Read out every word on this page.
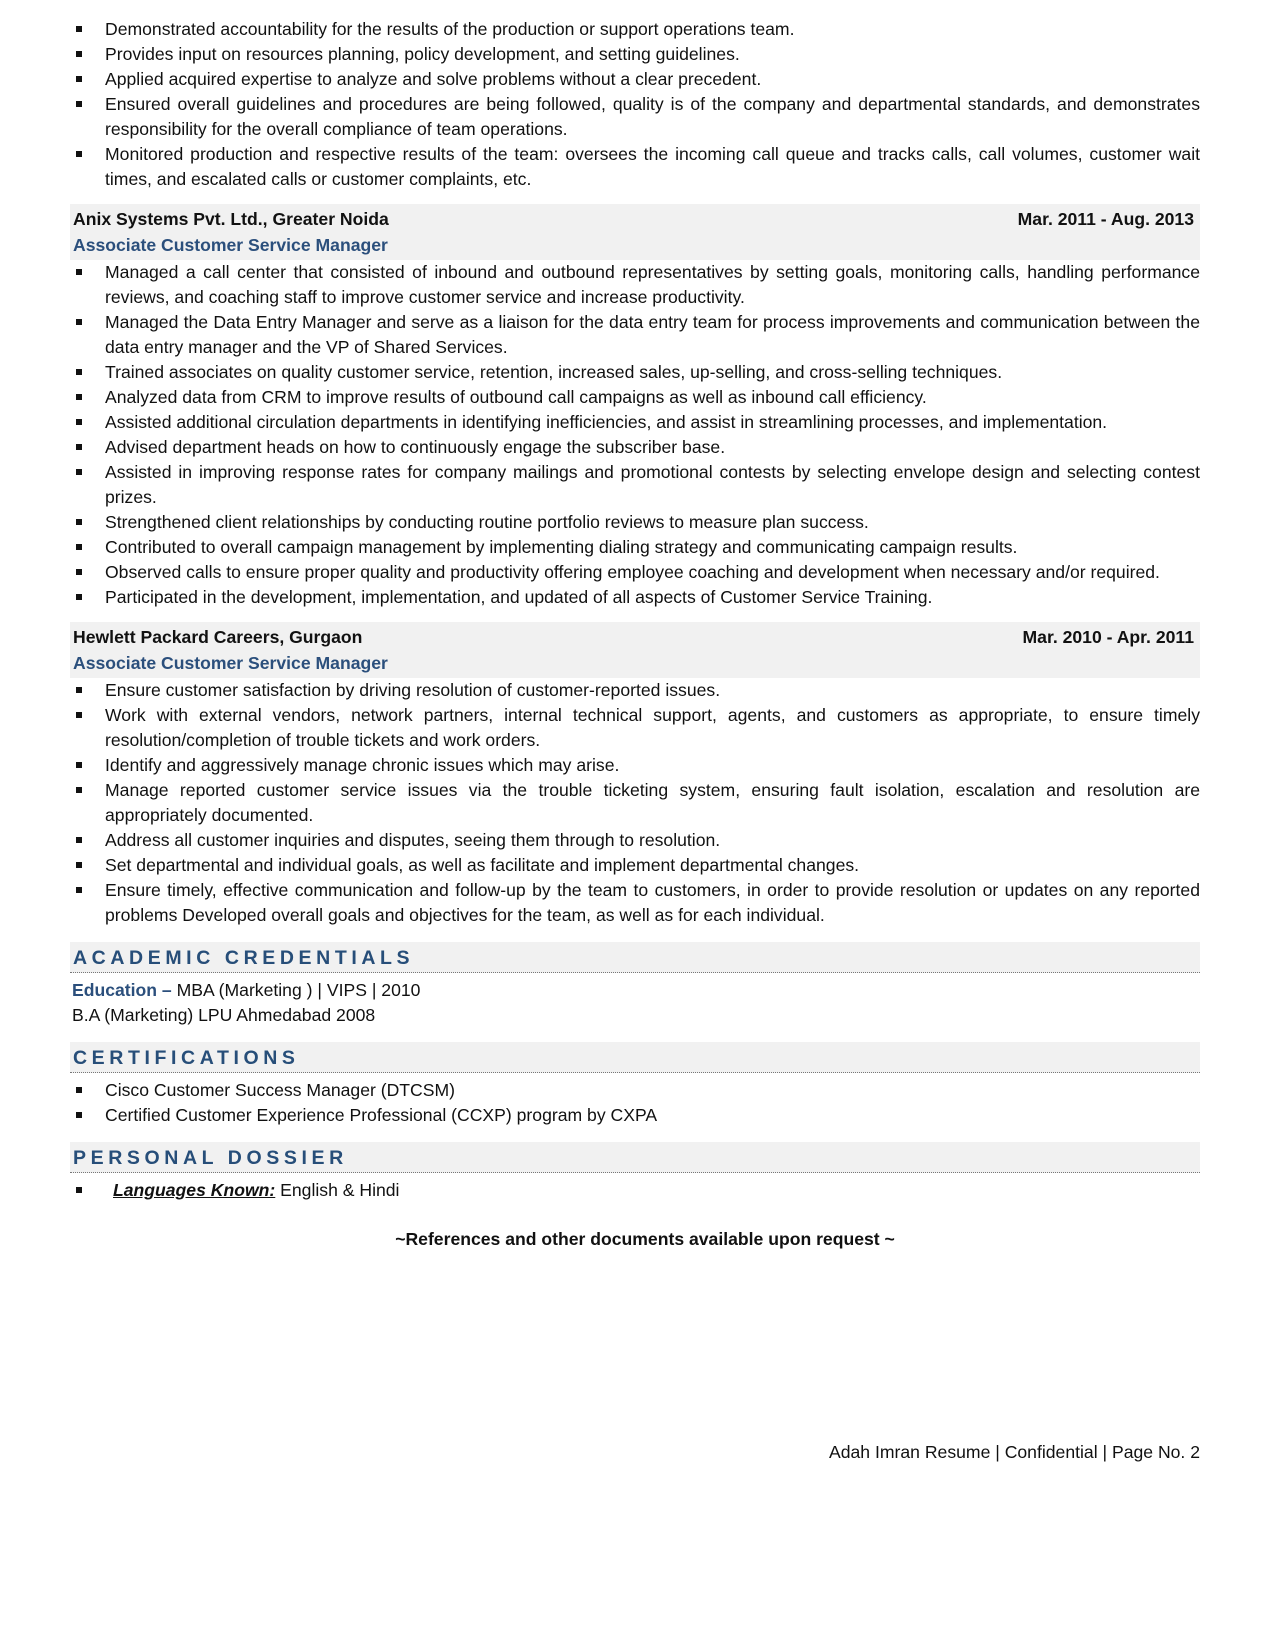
Demonstrated accountability for the results of the production or support operations team.
Provides input on resources planning, policy development, and setting guidelines.
Applied acquired expertise to analyze and solve problems without a clear precedent.
Ensured overall guidelines and procedures are being followed, quality is of the company and departmental standards, and demonstrates responsibility for the overall compliance of team operations.
Monitored production and respective results of the team: oversees the incoming call queue and tracks calls, call volumes, customer wait times, and escalated calls or customer complaints, etc.
Anix Systems Pvt. Ltd., Greater Noida	Mar. 2011 - Aug. 2013
Associate Customer Service Manager
Managed a call center that consisted of inbound and outbound representatives by setting goals, monitoring calls, handling performance reviews, and coaching staff to improve customer service and increase productivity.
Managed the Data Entry Manager and serve as a liaison for the data entry team for process improvements and communication between the data entry manager and the VP of Shared Services.
Trained associates on quality customer service, retention, increased sales, up-selling, and cross-selling techniques.
Analyzed data from CRM to improve results of outbound call campaigns as well as inbound call efficiency.
Assisted additional circulation departments in identifying inefficiencies, and assist in streamlining processes, and implementation.
Advised department heads on how to continuously engage the subscriber base.
Assisted in improving response rates for company mailings and promotional contests by selecting envelope design and selecting contest prizes.
Strengthened client relationships by conducting routine portfolio reviews to measure plan success.
Contributed to overall campaign management by implementing dialing strategy and communicating campaign results.
Observed calls to ensure proper quality and productivity offering employee coaching and development when necessary and/or required.
Participated in the development, implementation, and updated of all aspects of Customer Service Training.
Hewlett Packard Careers, Gurgaon	Mar. 2010 - Apr. 2011
Associate Customer Service Manager
Ensure customer satisfaction by driving resolution of customer-reported issues.
Work with external vendors, network partners, internal technical support, agents, and customers as appropriate, to ensure timely resolution/completion of trouble tickets and work orders.
Identify and aggressively manage chronic issues which may arise.
Manage reported customer service issues via the trouble ticketing system, ensuring fault isolation, escalation and resolution are appropriately documented.
Address all customer inquiries and disputes, seeing them through to resolution.
Set departmental and individual goals, as well as facilitate and implement departmental changes.
Ensure timely, effective communication and follow-up by the team to customers, in order to provide resolution or updates on any reported problems Developed overall goals and objectives for the team, as well as for each individual.
ACADEMIC CREDENTIALS
Education – MBA (Marketing ) | VIPS | 2010
B.A (Marketing) LPU Ahmedabad 2008
CERTIFICATIONS
Cisco Customer Success Manager (DTCSM)
Certified Customer Experience Professional (CCXP) program by CXPA
PERSONAL DOSSIER
Languages Known: English & Hindi
~References and other documents available upon request ~
Adah Imran Resume | Confidential | Page No. 2
